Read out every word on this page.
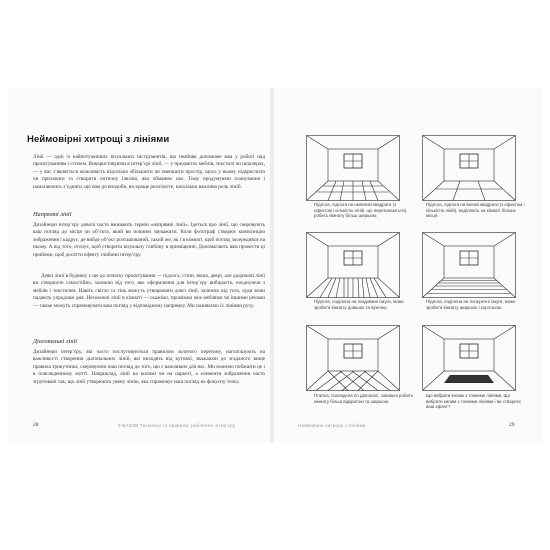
Неймовірні хитрощі з лініями

Лінії — одні із найпотужніших візуальних інструментів, що неабияк допоможе вам у роботі над проєктуванням і стилем. Використовуючи в інтер’єрі лінії, — у предметах меблів, текстилі чи шпалерах, — у вас з’являється можливість візуально збільшити чи зменшити простір, щось у ньому підкреслити чи приховати та створити оптичну ілюзію, яка обманює око. Тому продумуючи планування і намагаючись з’єднати, що вам до вподоби, ви краще реалізуєте, наскільки важлива роль ліній.

Напрямні лінії

Дизайнери інтер’єру доволі часто вживають термін «напрямні лінії». Ідеться про лінії, що скеровують ваш погляд до місця чи об’єкта, який ви повинні зауважити. Коли фотограф створює композицію зображення і кадрує, де вийде об’єкт розташований, такий же, як і в кімнаті, щоб погляд зосередився на ньому. А від того, оточує, щоб створити візуальну глибину в приміщенні. Допомагають вам провести ці прийоми, щоб досягти ефекту глибини інтер’єру.

Деякі лінії в будинку є ще до початку проєктування — підлога, стіни, вікна, двері, але додаткові лінії ви створюєте самостійно, залежно від того, яке оформлення для інтер’єру вибираєте, поєднуючи з меблів і текстилем. Навіть світло та тінь можуть утворювати довгі лінії, залежно від того, куди вони падають упродовж дня. Незалежні лінії в кімнаті — скажімо, проміжки між меблями чи іншими речами — також можуть спрямовувати ваш погляд у відповідному напрямку. Ми називаємо їх лініями руху.

Діагональні лінії

Дизайнери інтер’єру, які часто послуговуються правилом золотого перетину, наголошують на важливості створення діагональних ліній, які виходять від кутової, зважаючи до згаданого вище правила трикутника, скеровуючи наш погляд до того, що є важливим для нас. Ми можемо побачити це і в повсякденному житті. Наприклад, лінії на килимі чи на паркеті, а елементи зображення часто згруповані так, що лінії утворюють уявну лінію, яка спрямовує наш погляд на фокусну точку.

28	5 БАЗОВ Таємниці та правила: роблення інтер’єру

Підлога, підлога на невеликі квадрати (з ефектом і кількістю ліній, що перетинаються), робить кімнату більш ширшою.

Підлога, підлога на великі квадрати (з ефектом і кількістю ліній), виділяють на кімнаті більше місця.

Підлога, поділена на поздовжні смуги, може зробити кімнату довшою та вужчою.

Підлога, поділена на поперечні смуги, може зробити кімнату ширшою і коротшою.

Плитка, покладена по діагоналі, зовнішні робить кімнату більш відкритою та ширшою.

Що вибрати килим з тонкими лініями, Що вибрати килим з тонкими лініями і ви створите ваш ефект?

Неймовірні хитрощі з лініями	29
